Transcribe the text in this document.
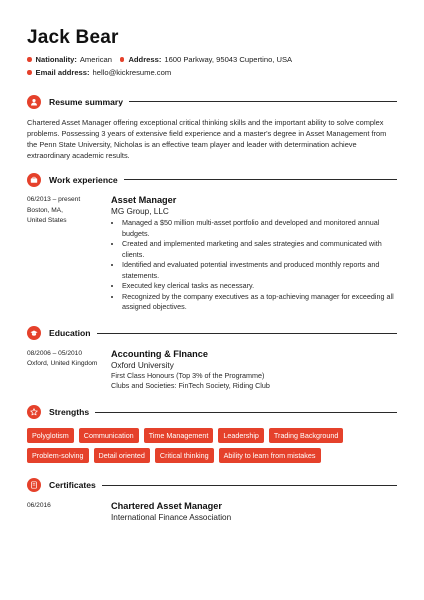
Jack Bear
Nationality: American Address: 1600 Parkway, 95043 Cupertino, USA
Email address: hello@kickresume.com
Resume summary
Chartered Asset Manager offering exceptional critical thinking skills and the important ability to solve complex problems. Possessing 3 years of extensive field experience and a master's degree in Asset Management from the Penn State University, Nicholas is an effective team player and leader with determination achieve extraordinary academic results.
Work experience
06/2013 – present
Boston, MA,
United States
Asset Manager
MG Group, LLC
• Managed a $50 million multi-asset portfolio and developed and monitored annual budgets.
• Created and implemented marketing and sales strategies and communicated with clients.
• Identified and evaluated potential investments and produced monthly reports and statements.
• Executed key clerical tasks as necessary.
• Recognized by the company executives as a top-achieving manager for exceeding all assigned objectives.
Education
08/2006 – 05/2010
Oxford, United Kingdom
Accounting & FInance
Oxford University
First Class Honours (Top 3% of the Programme)
Clubs and Societies: FinTech Society, Riding Club
Strengths
Polyglotism	Communication	Time Management	Leadership	Trading Background
Problem-solving	Detail oriented	Critical thinking	Ability to learn from mistakes
Certificates
06/2016	Chartered Asset Manager
International Finance Association
